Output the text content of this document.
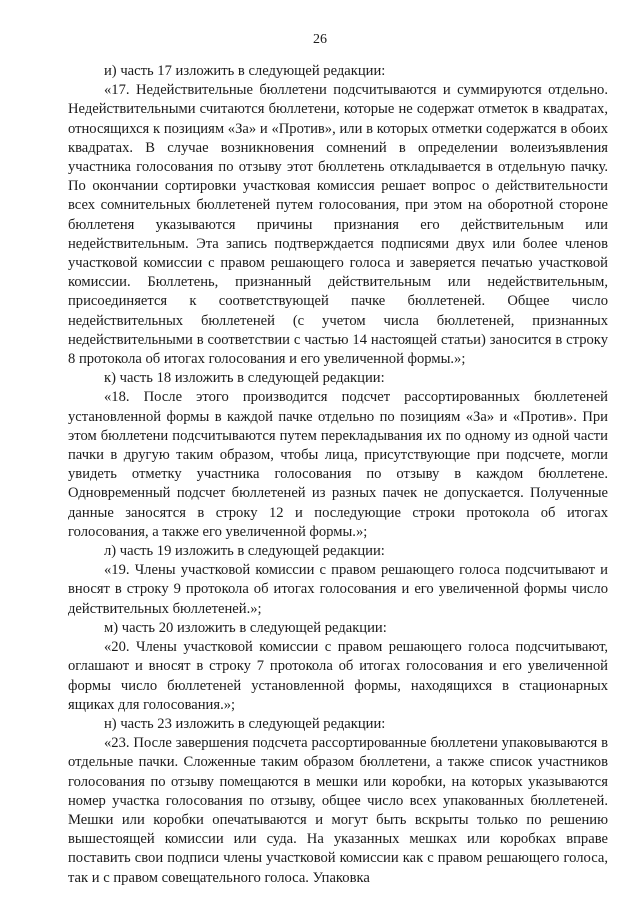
26

и) часть 17 изложить в следующей редакции:

«17. Недействительные бюллетени подсчитываются и суммируются отдельно. Недействительными считаются бюллетени, которые не содержат отметок в квадратах, относящихся к позициям «За» и «Против», или в которых отметки содержатся в обоих квадратах. В случае возникновения сомнений в определении волеизъявления участника голосования по отзыву этот бюллетень откладывается в отдельную пачку. По окончании сортировки участковая комиссия решает вопрос о действительности всех сомнительных бюллетеней путем голосования, при этом на оборотной стороне бюллетеня указываются причины признания его действительным или недействительным. Эта запись подтверждается подписями двух или более членов участковой комиссии с правом решающего голоса и заверяется печатью участковой комиссии. Бюллетень, признанный действительным или недействительным, присоединяется к соответствующей пачке бюллетеней. Общее число недействительных бюллетеней (с учетом числа бюллетеней, признанных недействительными в соответствии с частью 14 настоящей статьи) заносится в строку 8 протокола об итогах голосования и его увеличенной формы.»;

к) часть 18 изложить в следующей редакции:

«18. После этого производится подсчет рассортированных бюллетеней установленной формы в каждой пачке отдельно по позициям «За» и «Против». При этом бюллетени подсчитываются путем перекладывания их по одному из одной части пачки в другую таким образом, чтобы лица, присутствующие при подсчете, могли увидеть отметку участника голосования по отзыву в каждом бюллетене. Одновременный подсчет бюллетеней из разных пачек не допускается. Полученные данные заносятся в строку 12 и последующие строки протокола об итогах голосования, а также его увеличенной формы.»;

л) часть 19 изложить в следующей редакции:

«19. Члены участковой комиссии с правом решающего голоса подсчитывают и вносят в строку 9 протокола об итогах голосования и его увеличенной формы число действительных бюллетеней.»;

м) часть 20 изложить в следующей редакции:

«20. Члены участковой комиссии с правом решающего голоса подсчитывают, оглашают и вносят в строку 7 протокола об итогах голосования и его увеличенной формы число бюллетеней установленной формы, находящихся в стационарных ящиках для голосования.»;

н) часть 23 изложить в следующей редакции:

«23. После завершения подсчета рассортированные бюллетени упаковываются в отдельные пачки. Сложенные таким образом бюллетени, а также список участников голосования по отзыву помещаются в мешки или коробки, на которых указываются номер участка голосования по отзыву, общее число всех упакованных бюллетеней. Мешки или коробки опечатываются и могут быть вскрыты только по решению вышестоящей комиссии или суда. На указанных мешках или коробках вправе поставить свои подписи члены участковой комиссии как с правом решающего голоса, так и с правом совещательного голоса. Упаковка
